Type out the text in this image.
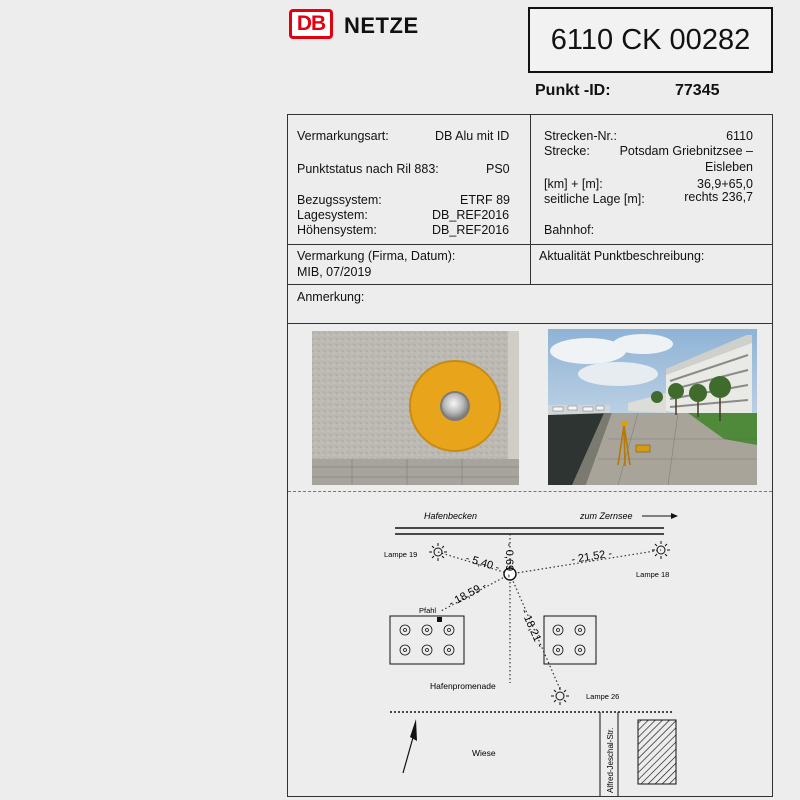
DB NETZE	6110 CK 00282
Punkt -ID:	77345
Vermarkungsart:	DB Alu mit ID
Punktstatus nach Ril 883:	PS0
Bezugssystem:	ETRF 89
Lagesystem:	DB_REF2016
Höhensystem:	DB_REF2016
Strecken-Nr.:	6110
Strecke: Potsdam Griebnitzsee –
Eisleben
[km] + [m]:	36,9+65,0
seitliche Lage [m]:	rechts 236,7
Bahnhof:
Vermarkung (Firma, Datum):
MIB, 07/2019
Aktualität Punktbeschreibung:
Anmerkung:
Hafenbecken	zum Zernsee
Lampe 19
Lampe 18
Lampe 26
- 5,40 - - 0,69 -	- 21,52 -
- 18,59 -
- 18,21 -
Pfahl
Hafenpromenade
Alfred-Jeschal-Str.
Wiese
